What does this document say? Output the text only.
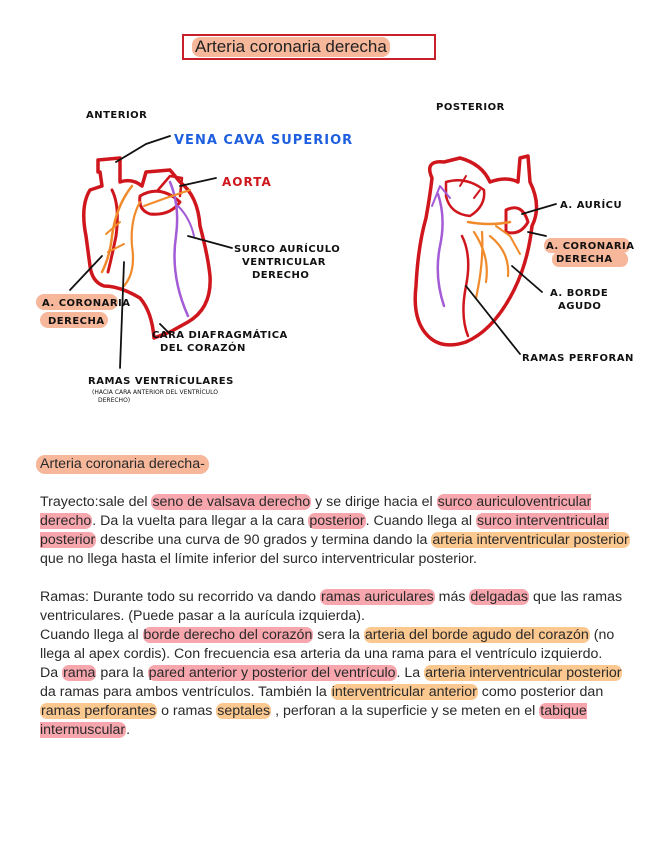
Arteria coronaria derecha
ANTERIOR
VENA CAVA SUPERIOR
AORTA
SURCO AURÍCULO
VENTRICULAR
DERECHO
A. CORONARIA
DERECHA
CARA DIAFRAGMÁTICA
DEL CORAZÓN
RAMAS VENTRÍCULARES
(HACIA CARA ANTERIOR DEL VENTRÍCULO
DERECHO)
POSTERIOR
A. AURÍCU
A. CORONARIA
DERECHA
A. BORDE
AGUDO
RAMAS PERFORAN

Arteria coronaria derecha-

Trayecto:sale del seno de valsava derecho y se dirige hacia el surco auriculoventricular derecho. Da la vuelta para llegar a la cara posterior. Cuando llega al surco interventricular posterior describe una curva de 90 grados y termina dando la arteria interventricular posterior que no llega hasta el límite inferior del surco interventricular posterior.

Ramas: Durante todo su recorrido va dando ramas auriculares más delgadas que las ramas ventriculares. (Puede pasar a la aurícula izquierda).

Cuando llega al borde derecho del corazón sera la arteria del borde agudo del corazón (no llega al apex cordis). Con frecuencia esa arteria da una rama para el ventrículo izquierdo.

Da rama para la pared anterior y posterior del ventrículo. La arteria interventricular posterior da ramas para ambos ventrículos. También la interventricular anterior como posterior dan ramas perforantes o ramas septales , perforan a la superficie y se meten en el tabique intermuscular.
